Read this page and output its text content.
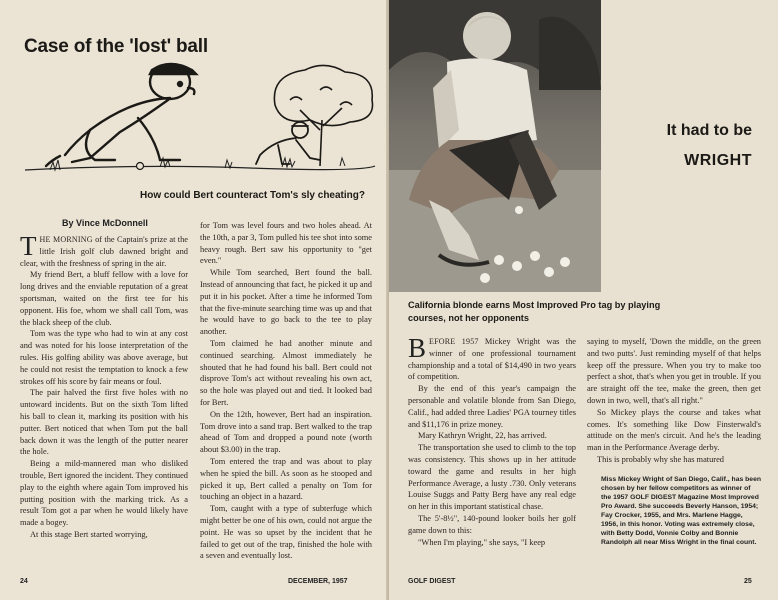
Case of the 'lost' ball
How could Bert counteract Tom's sly cheating?
By Vince McDonnell

THE MORNING of the Captain's prize at the little Irish golf club dawned bright and clear, with the freshness of spring in the air.

My friend Bert, a bluff fellow with a love for long drives and the enviable reputation of a great sportsman, waited on the first tee for his opponent. His foe, whom we shall call Tom, was the black sheep of the club.

Tom was the type who had to win at any cost and was noted for his loose interpretation of the rules. His golfing ability was above average, but he could not resist the temptation to knock a few strokes off his score by fair means or foul.

The pair halved the first five holes with no untoward incidents. But on the sixth Tom lifted his ball to clean it, marking its position with his putter. Bert noticed that when Tom put the ball back down it was the length of the putter nearer the hole.

Being a mild-mannered man who disliked trouble, Bert ignored the incident. They continued play to the eighth where again Tom improved his putting position with the marking trick. As a result Tom got a par when he would likely have made a bogey.

At this stage Bert started worrying,

for Tom was level fours and two holes ahead. At the 10th, a par 3, Tom pulled his tee shot into some heavy rough. Bert saw his opportunity to "get even."

While Tom searched, Bert found the ball. Instead of announcing that fact, he picked it up and put it in his pocket. After a time he informed Tom that the five-minute searching time was up and that he would have to go back to the tee to play another.

Tom claimed he had another minute and continued searching. Almost immediately he shouted that he had found his ball. Bert could not disprove Tom's act without revealing his own act, so the hole was played out and tied. It looked bad for Bert.

On the 12th, however, Bert had an inspiration. Tom drove into a sand trap. Bert walked to the trap ahead of Tom and dropped a pound note (worth about $3.00) in the trap.

Tom entered the trap and was about to play when he spied the bill. As soon as he stooped and picked it up, Bert called a penalty on Tom for touching an object in a hazard.

Tom, caught with a type of subterfuge which might better be one of his own, could not argue the point. He was so upset by the incident that he failed to get out of the trap, finished the hole with a seven and eventually lost.

24	DECEMBER, 1957
It had to be
WRIGHT
California blonde earns Most Improved Pro tag by playing courses, not her opponents

BEFORE 1957 Mickey Wright was the winner of one professional tournament championship and a total of $14,490 in two years of competition.

By the end of this year's campaign the personable and volatile blonde from San Diego, Calif., had added three Ladies' PGA tourney titles and $11,176 in prize money.

Mary Kathryn Wright, 22, has arrived.

The transportation she used to climb to the top was consistency. This shows up in her attitude toward the game and results in her high Performance Average, a lusty .730. Only veterans Louise Suggs and Patty Berg have any real edge on her in this important statistical chase.

The 5'-8½", 140-pound looker boils her golf game down to this:

"When I'm playing," she says, "I keep

saying to myself, 'Down the middle, on the green and two putts'. Just reminding myself of that helps keep off the pressure. When you try to make too perfect a shot, that's when you get in trouble. If you are straight off the tee, make the green, then get down in two, well, that's all right."

So Mickey plays the course and takes what comes. It's something like Dow Finsterwald's attitude on the men's circuit. And he's the leading man in the Performance Average derby.

This is probably why she has matured

Miss Mickey Wright of San Diego, Calif., has been chosen by her fellow competitors as winner of the 1957 GOLF DIGEST Magazine Most Improved Pro Award. She succeeds Beverly Hanson, 1954; Fay Crocker, 1955, and Mrs. Marlene Hagge, 1956, in this honor. Voting was extremely close, with Betty Dodd, Vonnie Colby and Bonnie Randolph all near Miss Wright in the final count.
GOLF DIGEST	25
